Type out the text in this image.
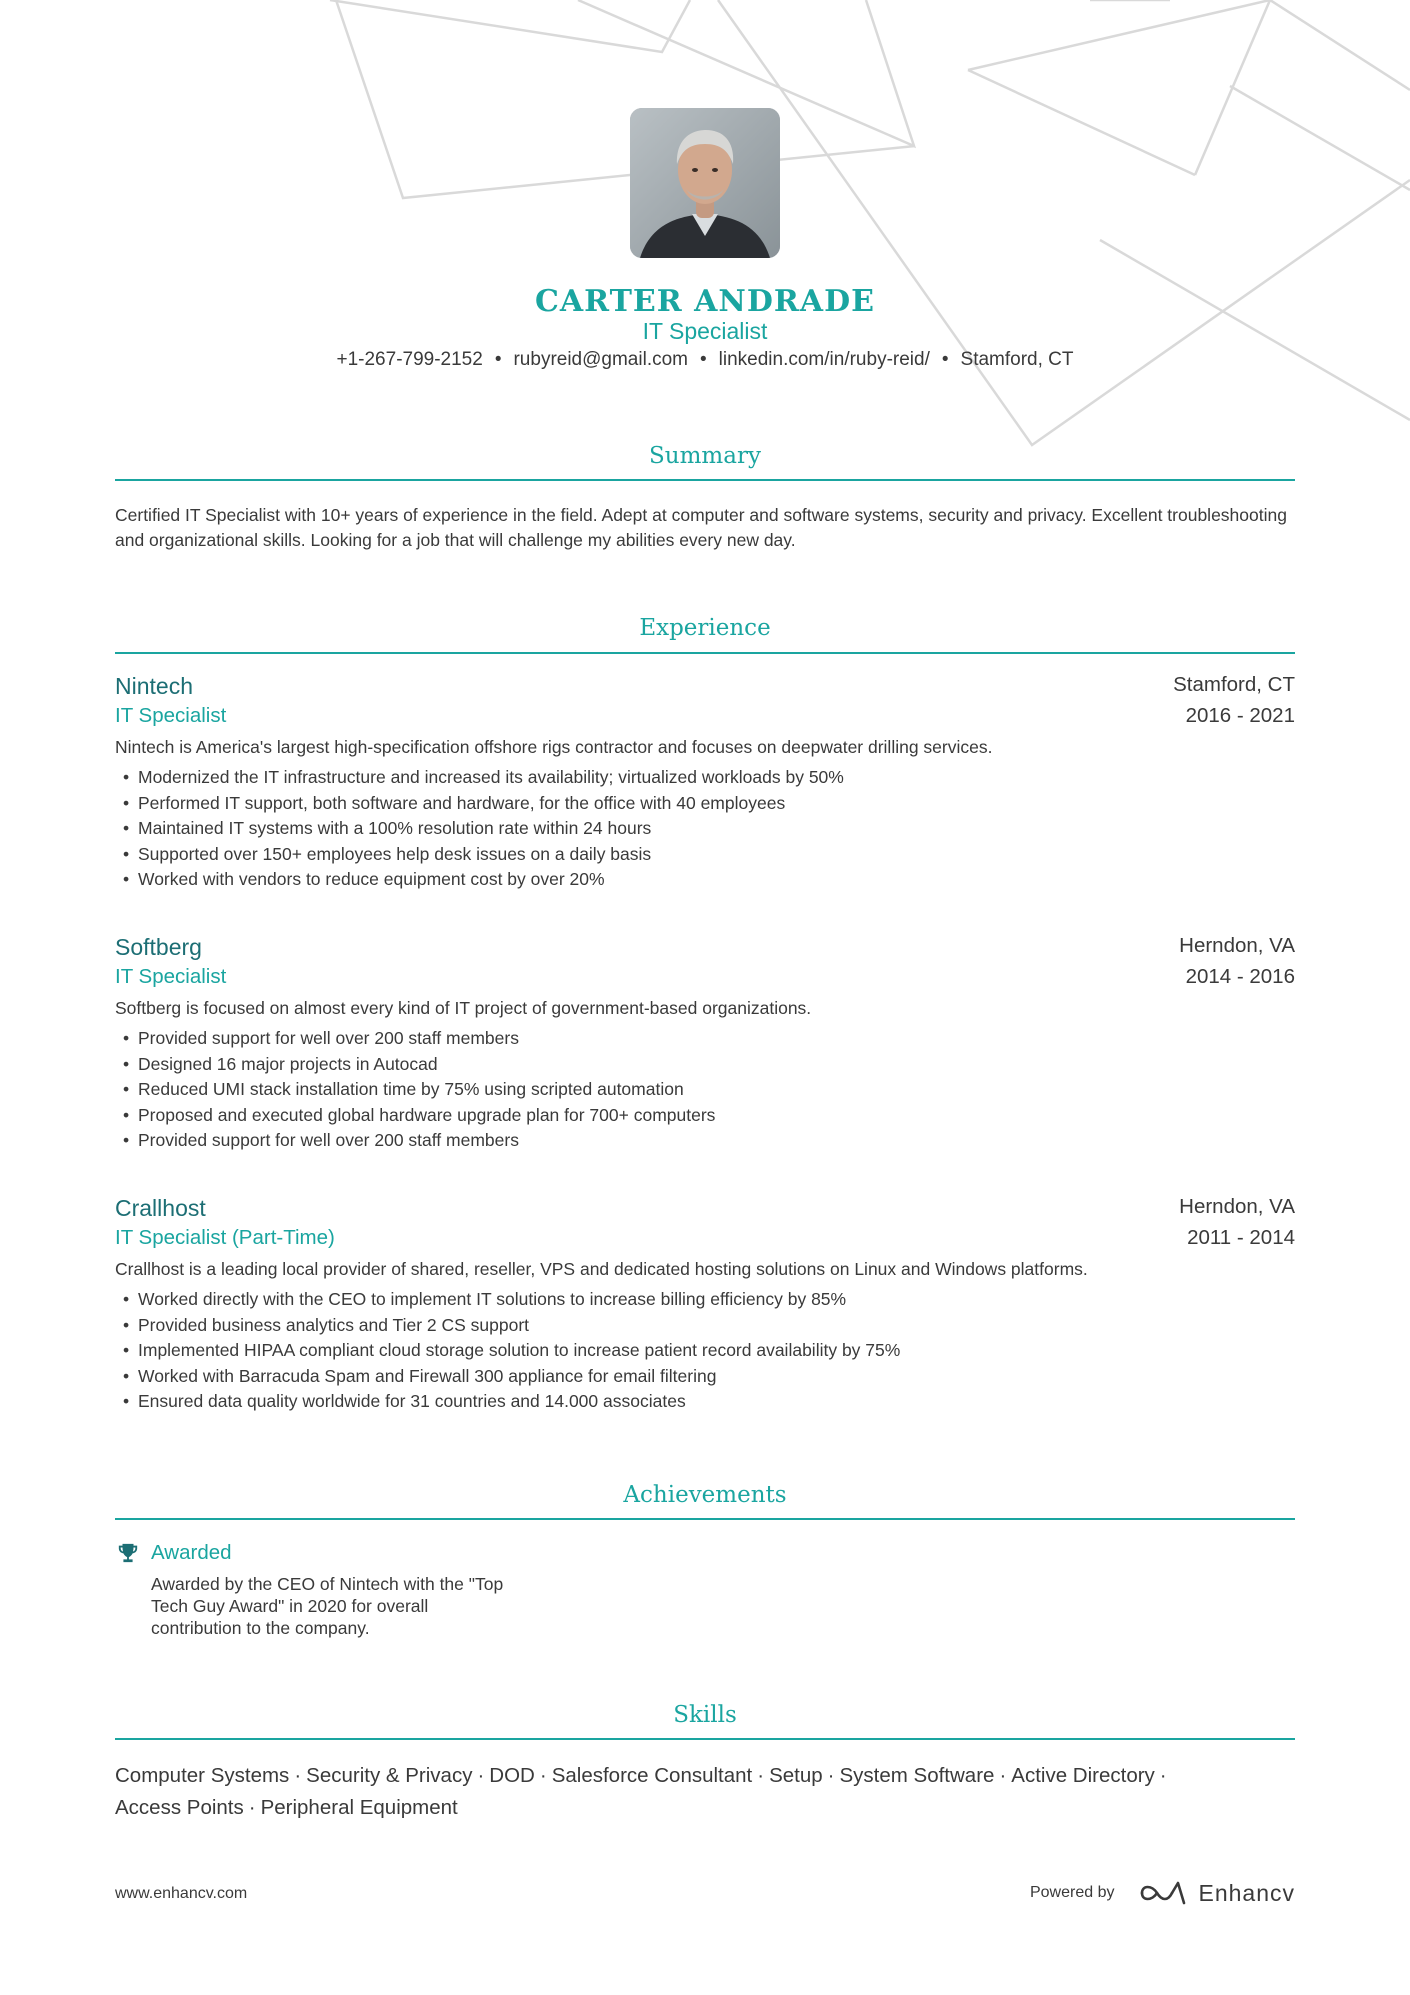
CARTER ANDRADE
IT Specialist
+1-267-799-2152 • rubyreid@gmail.com • linkedin.com/in/ruby-reid/ • Stamford, CT
Summary
Certified IT Specialist with 10+ years of experience in the field. Adept at computer and software systems, security and privacy. Excellent troubleshooting and organizational skills. Looking for a job that will challenge my abilities every new day.
Experience
Nintech	Stamford, CT
IT Specialist	2016 - 2021
Nintech is America's largest high-specification offshore rigs contractor and focuses on deepwater drilling services.
• Modernized the IT infrastructure and increased its availability; virtualized workloads by 50%
• Performed IT support, both software and hardware, for the office with 40 employees
• Maintained IT systems with a 100% resolution rate within 24 hours
• Supported over 150+ employees help desk issues on a daily basis
• Worked with vendors to reduce equipment cost by over 20%
Softberg	Herndon, VA
IT Specialist	2014 - 2016
Softberg is focused on almost every kind of IT project of government-based organizations.
• Provided support for well over 200 staff members
• Designed 16 major projects in Autocad
• Reduced UMI stack installation time by 75% using scripted automation
• Proposed and executed global hardware upgrade plan for 700+ computers
• Provided support for well over 200 staff members
Crallhost	Herndon, VA
IT Specialist (Part-Time)	2011 - 2014
Crallhost is a leading local provider of shared, reseller, VPS and dedicated hosting solutions on Linux and Windows platforms.
• Worked directly with the CEO to implement IT solutions to increase billing efficiency by 85%
• Provided business analytics and Tier 2 CS support
• Implemented HIPAA compliant cloud storage solution to increase patient record availability by 75%
• Worked with Barracuda Spam and Firewall 300 appliance for email filtering
• Ensured data quality worldwide for 31 countries and 14.000 associates
Achievements
Awarded
Awarded by the CEO of Nintech with the "Top Tech Guy Award" in 2020 for overall contribution to the company.
Skills
Computer Systems · Security & Privacy · DOD · Salesforce Consultant · Setup · System Software · Active Directory ·
Access Points · Peripheral Equipment
www.enhancv.com	Powered by	Enhancv
